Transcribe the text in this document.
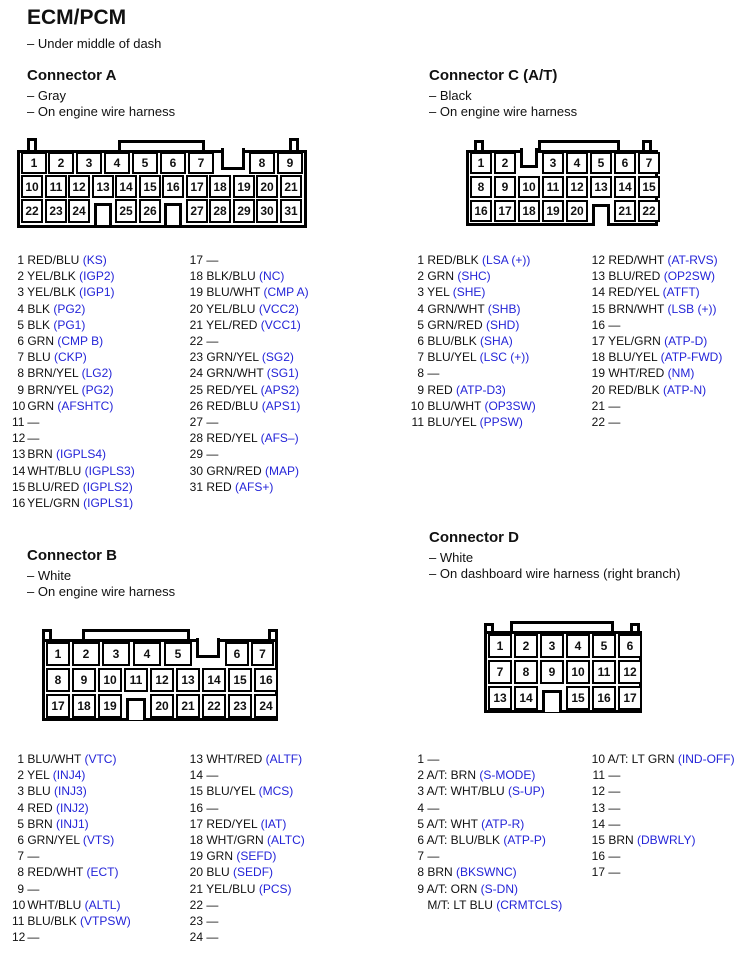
ECM/PCM
– Under middle of dash
Connector A
– Gray
– On engine wire harness
Connector C (A/T)
– Black
– On engine wire harness
Connector B
– White
– On engine wire harness
Connector D
– White
– On dashboard wire harness (right branch)
1	2	3	4	5	6	7	8	9
10 11 12 13 14 15 16 17 18 19 20 21
22 23 24	25 26	27 28 29 30 31
1	2	3	4	5	6	7
8	9	10 11 12 13 14 15
16 17 18 19 20	21 22
1	2	3	4	5	6	7
8	9	10	11	12	13	14	15	16
17	18	19	20	21	22	23	24
1	2	3	4	5	6
7	8	9	10	11	12
13	14	15	16	17
1 RED/BLU (KS)
2 YEL/BLK (IGP2)
3 YEL/BLK (IGP1)
4 BLK (PG2)
5 BLK (PG1)
6 GRN (CMP B)
7 BLU (CKP)
8 BRN/YEL (LG2)
9 BRN/YEL (PG2)
10 GRN (AFSHTC)
11 —
12 —
13 BRN (IGPLS4)
14 WHT/BLU (IGPLS3)
15 BLU/RED (IGPLS2)
16 YEL/GRN (IGPLS1)
17 —
18 BLK/BLU (NC)
19 BLU/WHT (CMP A)
20 YEL/BLU (VCC2)
21 YEL/RED (VCC1)
22 —
23 GRN/YEL (SG2)
24 GRN/WHT (SG1)
25 RED/YEL (APS2)
26 RED/BLU (APS1)
27 —
28 RED/YEL (AFS–)
29 —
30 GRN/RED (MAP)
31 RED (AFS+)
1 RED/BLK (LSA (+))
2 GRN (SHC)
3 YEL (SHE)
4 GRN/WHT (SHB)
5 GRN/RED (SHD)
6 BLU/BLK (SHA)
7 BLU/YEL (LSC (+))
8 —
9 RED (ATP-D3)
10 BLU/WHT (OP3SW)
11 BLU/YEL (PPSW)
12 RED/WHT (AT-RVS)
13 BLU/RED (OP2SW)
14 RED/YEL (ATFT)
15 BRN/WHT (LSB (+))
16 —
17 YEL/GRN (ATP-D)
18 BLU/YEL (ATP-FWD)
19 WHT/RED (NM)
20 RED/BLK (ATP-N)
21 —
22 —
1 BLU/WHT (VTC)
2 YEL (INJ4)
3 BLU (INJ3)
4 RED (INJ2)
5 BRN (INJ1)
6 GRN/YEL (VTS)
7 —
8 RED/WHT (ECT)
9 —
10 WHT/BLU (ALTL)
11 BLU/BLK (VTPSW)
12 —
13 WHT/RED (ALTF)
14 —
15 BLU/YEL (MCS)
16 —
17 RED/YEL (IAT)
18 WHT/GRN (ALTC)
19 GRN (SEFD)
20 BLU (SEDF)
21 YEL/BLU (PCS)
22 —
23 —
24 —
1 —
2 A/T: BRN (S-MODE)
3 A/T: WHT/BLU (S-UP)
4 —
5 A/T: WHT (ATP-R)
6 A/T: BLU/BLK (ATP-P)
7 —
8 BRN (BKSWNC)
9 A/T: ORN (S-DN)
M/T: LT BLU (CRMTCLS)
10 A/T: LT GRN (IND-OFF)
11 —
12 —
13 —
14 —
15 BRN (DBWRLY)
16 —
17 —
